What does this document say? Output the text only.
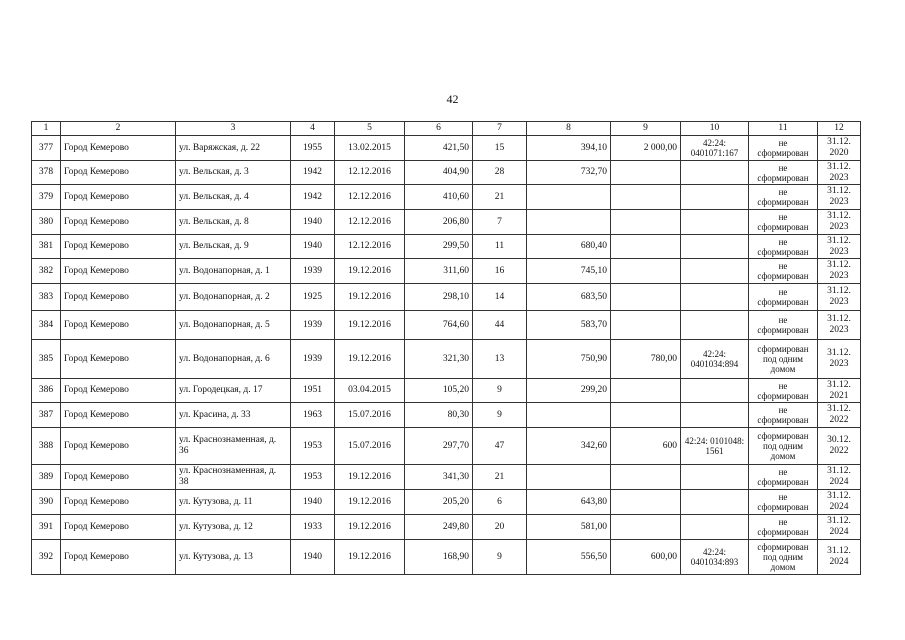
42
1	2	3	4	5	6	7	8	9	10	11	12
377	Город Кемерово	ул. Варяжская, д. 22	1955	13.02.2015	421,50	15	394,10	2 000,00	42:24: 0401071:167	не сформирован	31.12. 2020
378	Город Кемерово	ул. Вельская, д. 3	1942	12.12.2016	404,90	28	732,70			не сформирован	31.12. 2023
379	Город Кемерово	ул. Вельская, д. 4	1942	12.12.2016	410,60	21				не сформирован	31.12. 2023
380	Город Кемерово	ул. Вельская, д. 8	1940	12.12.2016	206,80	7				не сформирован	31.12. 2023
381	Город Кемерово	ул. Вельская, д. 9	1940	12.12.2016	299,50	11	680,40			не сформирован	31.12. 2023
382	Город Кемерово	ул. Водонапорная, д. 1	1939	19.12.2016	311,60	16	745,10			не сформирован	31.12. 2023
383	Город Кемерово	ул. Водонапорная, д. 2	1925	19.12.2016	298,10	14	683,50			не сформирован	31.12. 2023
384	Город Кемерово	ул. Водонапорная, д. 5	1939	19.12.2016	764,60	44	583,70			не сформирован	31.12. 2023
385	Город Кемерово	ул. Водонапорная, д. 6	1939	19.12.2016	321,30	13	750,90	780,00	42:24: 0401034:894	сформирован под одним домом	31.12. 2023
386	Город Кемерово	ул. Городецкая, д. 17	1951	03.04.2015	105,20	9	299,20			не сформирован	31.12. 2021
387	Город Кемерово	ул. Красина, д. 33	1963	15.07.2016	80,30	9				не сформирован	31.12. 2022
388	Город Кемерово	ул. Краснознаменная, д. 36	1953	15.07.2016	297,70	47	342,60	600	42:24: 0101048: 1561	сформирован под одним домом	30.12. 2022
389	Город Кемерово	ул. Краснознаменная, д. 38	1953	19.12.2016	341,30	21				не сформирован	31.12. 2024
390	Город Кемерово	ул. Кутузова, д. 11	1940	19.12.2016	205,20	6	643,80			не сформирован	31.12. 2024
391	Город Кемерово	ул. Кутузова, д. 12	1933	19.12.2016	249,80	20	581,00			не сформирован	31.12. 2024
392	Город Кемерово	ул. Кутузова, д. 13	1940	19.12.2016	168,90	9	556,50	600,00	42:24: 0401034:893	сформирован под одним домом	31.12. 2024
